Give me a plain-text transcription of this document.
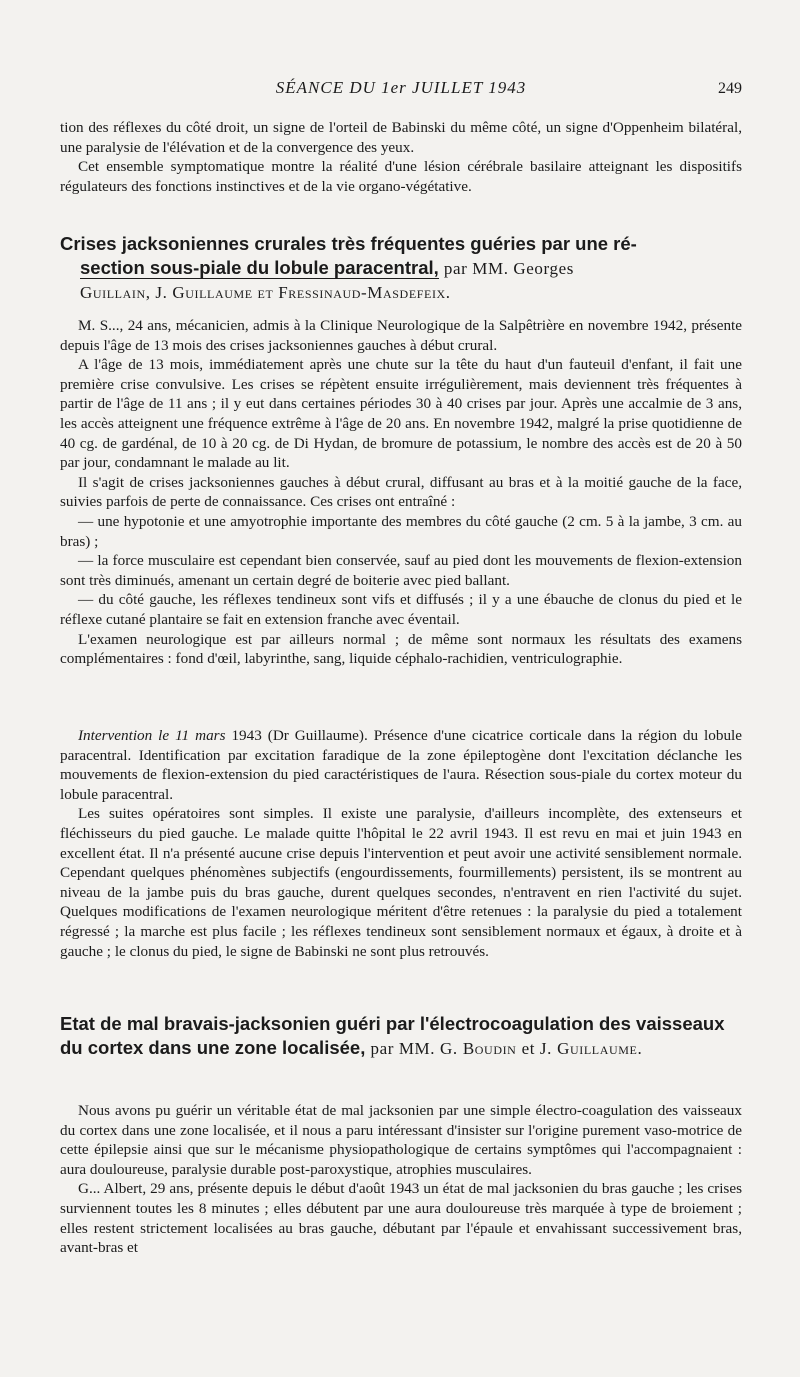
SÉANCE DU 1er JUILLET 1943	249

tion des réflexes du côté droit, un signe de l'orteil de Babinski du même côté, un signe d'Oppenheim bilatéral, une paralysie de l'élévation et de la convergence des yeux.

Cet ensemble symptomatique montre la réalité d'une lésion cérébrale basilaire atteignant les dispositifs régulateurs des fonctions instinctives et de la vie organo-végétative.

Crises jacksoniennes crurales très fréquentes guéries par une ré-
section sous-piale du lobule paracentral, par MM. Georges
Guillain, J. Guillaume et Fressinaud-Masdefeix.

M. S..., 24 ans, mécanicien, admis à la Clinique Neurologique de la Salpêtrière en novembre 1942, présente depuis l'âge de 13 mois des crises jacksoniennes gauches à début crural.

A l'âge de 13 mois, immédiatement après une chute sur la tête du haut d'un fauteuil d'enfant, il fait une première crise convulsive. Les crises se répètent ensuite irrégulièrement, mais deviennent très fréquentes à partir de l'âge de 11 ans ; il y eut dans certaines périodes 30 à 40 crises par jour. Après une accalmie de 3 ans, les accès atteignent une fréquence extrême à l'âge de 20 ans. En novembre 1942, malgré la prise quotidienne de 40 cg. de gardénal, de 10 à 20 cg. de Di Hydan, de bromure de potassium, le nombre des accès est de 20 à 50 par jour, condamnant le malade au lit.

Il s'agit de crises jacksoniennes gauches à début crural, diffusant au bras et à la moitié gauche de la face, suivies parfois de perte de connaissance. Ces crises ont entraîné :

— une hypotonie et une amyotrophie importante des membres du côté gauche (2 cm. 5 à la jambe, 3 cm. au bras) ;

— la force musculaire est cependant bien conservée, sauf au pied dont les mouvements de flexion-extension sont très diminués, amenant un certain degré de boiterie avec pied ballant.

— du côté gauche, les réflexes tendineux sont vifs et diffusés ; il y a une ébauche de clonus du pied et le réflexe cutané plantaire se fait en extension franche avec éventail.

L'examen neurologique est par ailleurs normal ; de même sont normaux les résultats des examens complémentaires : fond d'œil, labyrinthe, sang, liquide céphalo-rachidien, ventriculographie.

Intervention le 11 mars 1943 (Dr Guillaume). Présence d'une cicatrice corticale dans la région du lobule paracentral. Identification par excitation faradique de la zone épileptogène dont l'excitation déclanche les mouvements de flexion-extension du pied caractéristiques de l'aura. Résection sous-piale du cortex moteur du lobule paracentral.

Les suites opératoires sont simples. Il existe une paralysie, d'ailleurs incomplète, des extenseurs et fléchisseurs du pied gauche. Le malade quitte l'hôpital le 22 avril 1943. Il est revu en mai et juin 1943 en excellent état. Il n'a présenté aucune crise depuis l'intervention et peut avoir une activité sensiblement normale. Cependant quelques phénomènes subjectifs (engourdissements, fourmillements) persistent, ils se montrent au niveau de la jambe puis du bras gauche, durent quelques secondes, n'entravent en rien l'activité du sujet. Quelques modifications de l'examen neurologique méritent d'être retenues : la paralysie du pied a totalement régressé ; la marche est plus facile ; les réflexes tendineux sont sensiblement normaux et égaux, à droite et à gauche ; le clonus du pied, le signe de Babinski ne sont plus retrouvés.

Etat de mal bravais-jacksonien guéri par l'électrocoagulation des vaisseaux du cortex dans une zone localisée, par MM. G. Boudin et J. Guillaume.

Nous avons pu guérir un véritable état de mal jacksonien par une simple électro-coagulation des vaisseaux du cortex dans une zone localisée, et il nous a paru intéressant d'insister sur l'origine purement vaso-motrice de cette épilepsie ainsi que sur le mécanisme physiopathologique de certains symptômes qui l'accompagnaient : aura douloureuse, paralysie durable post-paroxystique, atrophies musculaires.

G... Albert, 29 ans, présente depuis le début d'août 1943 un état de mal jacksonien du bras gauche ; les crises surviennent toutes les 8 minutes ; elles débutent par une aura douloureuse très marquée à type de broiement ; elles restent strictement localisées au bras gauche, débutant par l'épaule et envahissant successivement bras, avant-bras et
